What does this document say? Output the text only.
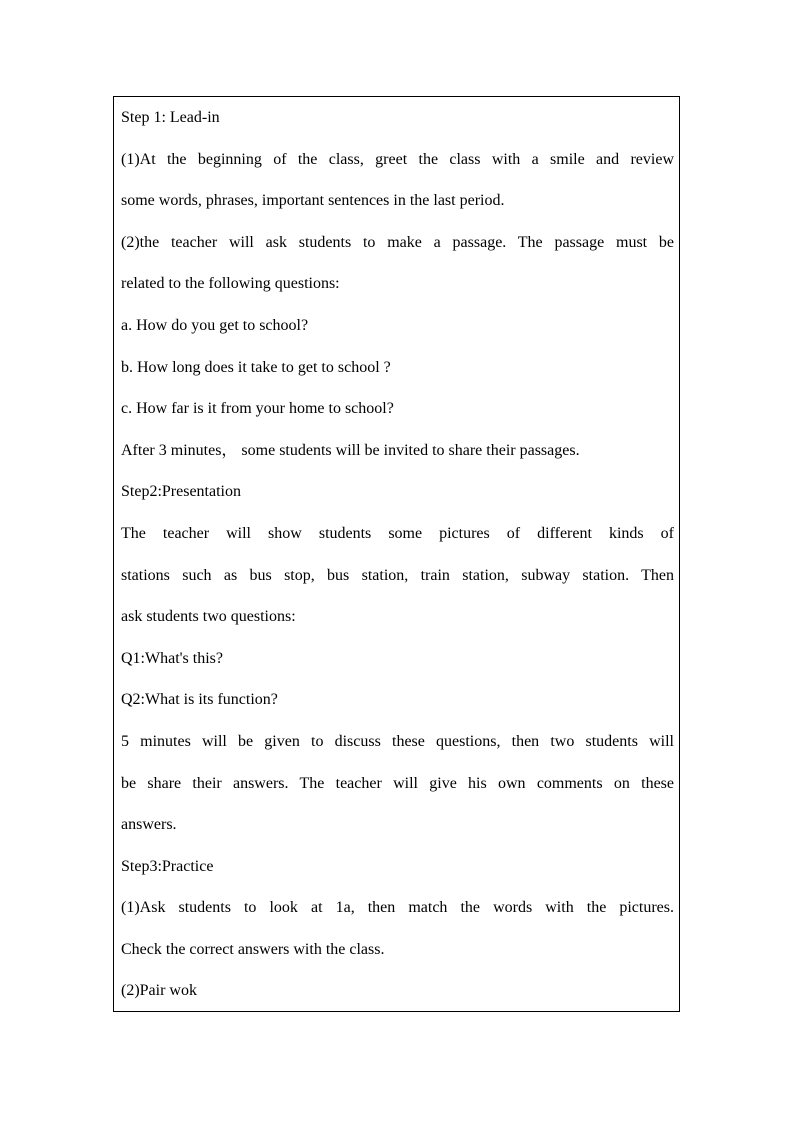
Step 1: Lead-in
(1)At the beginning of the class, greet the class with a smile and review
some words, phrases, important sentences in the last period.
(2)the teacher will ask students to make a passage. The passage must be
related to the following questions:
a. How do you get to school?
b. How long does it take to get to school ?
c. How far is it from your home to school?
After 3 minutes， some students will be invited to share their passages.
Step2:Presentation
The teacher will show students some pictures of different kinds of
stations such as bus stop, bus station, train station, subway station. Then
ask students two questions:
Q1:What's this?
Q2:What is its function?
5 minutes will be given to discuss these questions, then two students will
be share their answers. The teacher will give his own comments on these
answers.
Step3:Practice
(1)Ask students to look at 1a, then match the words with the pictures.
Check the correct answers with the class.
(2)Pair wok
